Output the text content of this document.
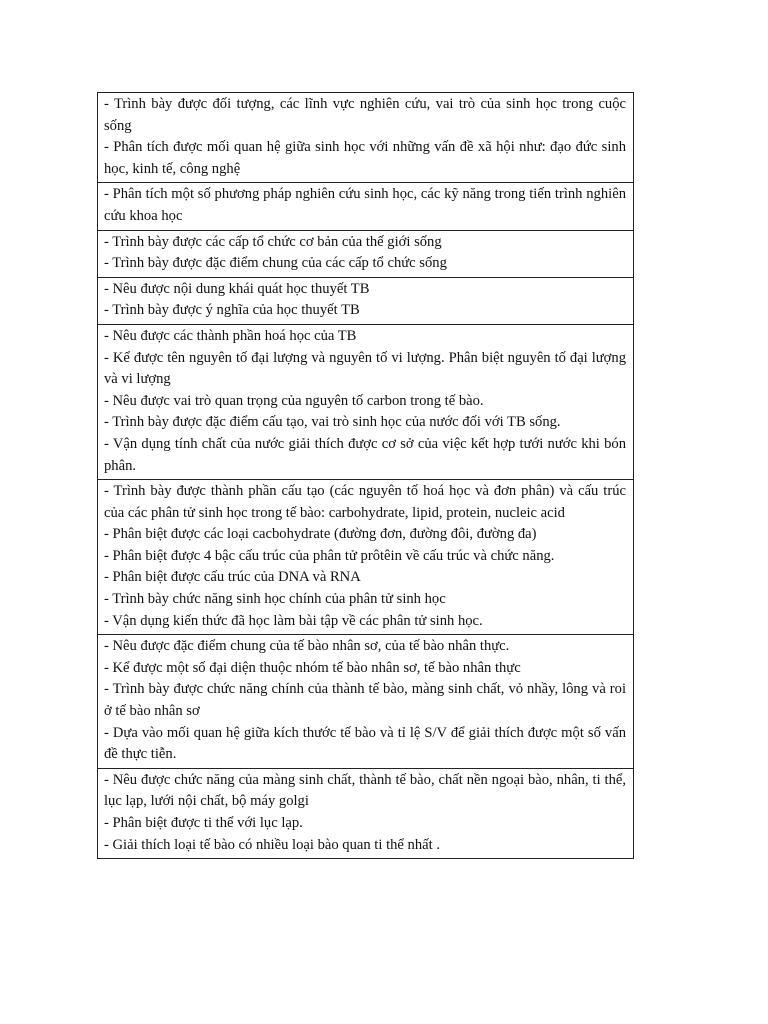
- Trình bày được đối tượng, các lĩnh vực nghiên cứu, vai trò của sinh học trong cuộc sống
- Phân tích được mối quan hệ giữa sinh học với những vấn đề xã hội như: đạo đức sinh học, kinh tế, công nghệ

- Phân tích một số phương pháp nghiên cứu sinh học, các kỹ năng trong tiến trình nghiên cứu khoa học

- Trình bày được các cấp tổ chức cơ bản của thế giới sống
- Trình bày được đặc điểm chung của các cấp tổ chức sống

- Nêu được nội dung khái quát học thuyết TB
- Trình bày được ý nghĩa của học thuyết TB

- Nêu được các thành phần hoá học của TB
- Kể được tên nguyên tố đại lượng và nguyên tố vi lượng. Phân biệt nguyên tố đại lượng và vi lượng
- Nêu được vai trò quan trọng của nguyên tố carbon trong tế bào.
- Trình bày được đặc điểm cấu tạo, vai trò sinh học của nước đối với TB sống.
- Vận dụng tính chất của nước giải thích được cơ sở của việc kết hợp tưới nước khi bón phân.

- Trình bày được thành phần cấu tạo (các nguyên tố hoá học và đơn phân) và cấu trúc của các phân tử sinh học trong tế bào: carbohydrate, lipid, protein, nucleic acid
- Phân biệt được các loại cacbohydrate (đường đơn, đường đôi, đường đa)
- Phân biệt được 4 bậc cấu trúc của phân tử prôtêin về cấu trúc và chức năng.
- Phân biệt được cấu trúc của DNA và RNA
- Trình bày chức năng sinh học chính của phân tử sinh học
- Vận dụng kiến thức đã học làm bài tập về các phân tử sinh học.

- Nêu được đặc điểm chung của tế bào nhân sơ, của tế bào nhân thực.
- Kể được một số đại diện thuộc nhóm tế bào nhân sơ, tế bào nhân thực
- Trình bày được chức năng chính của thành tế bào, màng sinh chất, vỏ nhầy, lông và roi ở tế bào nhân sơ
- Dựa vào mối quan hệ giữa kích thước tế bào và tỉ lệ S/V để giải thích được một số vấn đề thực tiễn.

- Nêu được chức năng của màng sinh chất, thành tế bào, chất nền ngoại bào, nhân, ti thể, lục lạp, lưới nội chất, bộ máy golgi
- Phân biệt được ti thể với lục lạp.
- Giải thích loại tế bào có nhiều loại bào quan ti thể nhất .
